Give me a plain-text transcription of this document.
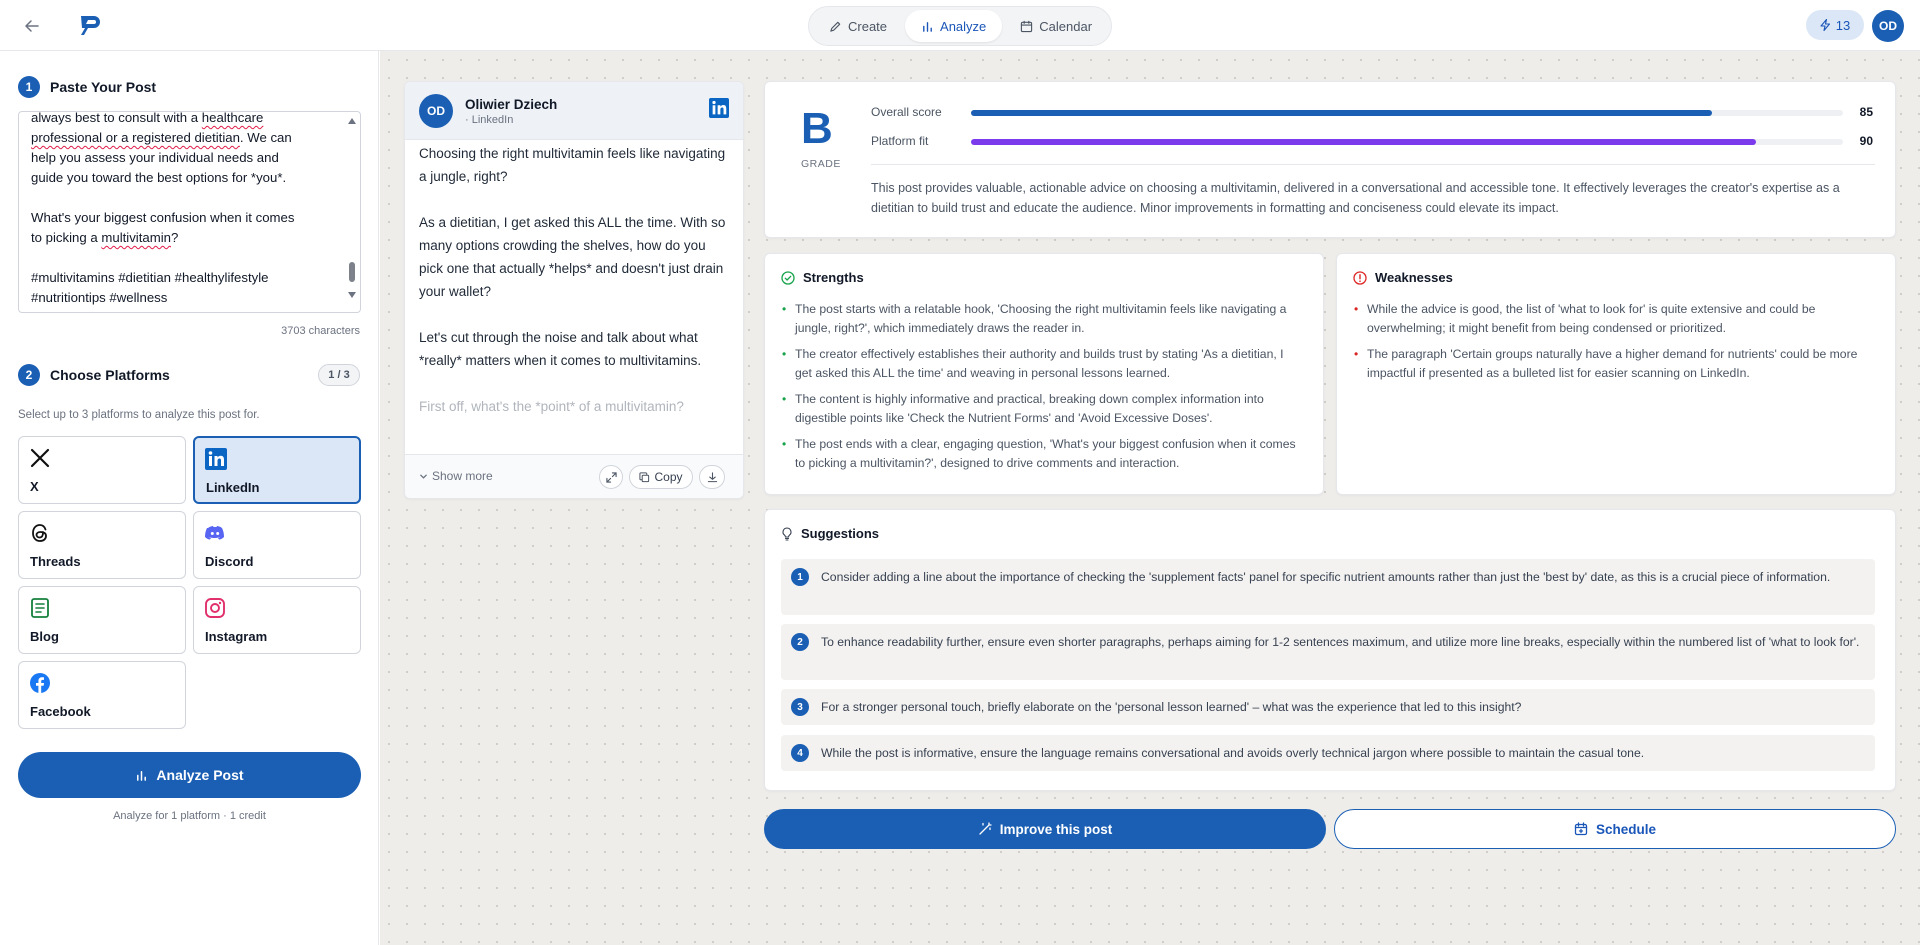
Create	Analyze	Calendar	13	OD
1	Paste Your Post
always best to consult with a healthcare
professional or a registered dietitian. We can
help you assess your individual needs and
guide you toward the best options for *you*.

What's your biggest confusion when it comes
to picking a multivitamin?

#multivitamins #dietitian #healthylifestyle
#nutritiontips #wellness
3703 characters
2	Choose Platforms	1 / 3
Select up to 3 platforms to analyze this post for.
X	LinkedIn
Threads	Discord
Blog	Instagram
Facebook
Analyze Post
Analyze for 1 platform · 1 credit
OD	Oliwier Dziech
· LinkedIn

Choosing the right multivitamin feels like navigating a jungle, right?

As a dietitian, I get asked this ALL the time. With so many options crowding the shelves, how do you pick one that actually *helps* and doesn't just drain your wallet?

Let's cut through the noise and talk about what *really* matters when it comes to multivitamins.

First off, what's the *point* of a multivitamin?

Show more	Copy
B
GRADE
Overall score	85
Platform fit	90
This post provides valuable, actionable advice on choosing a multivitamin, delivered in a conversational and accessible tone. It effectively leverages the creator's expertise as a dietitian to build trust and educate the audience. Minor improvements in formatting and conciseness could elevate its impact.
Strengths
• The post starts with a relatable hook, 'Choosing the right multivitamin feels like navigating a jungle, right?', which immediately draws the reader in.
• The creator effectively establishes their authority and builds trust by stating 'As a dietitian, I get asked this ALL the time' and weaving in personal lessons learned.
• The content is highly informative and practical, breaking down complex information into digestible points like 'Check the Nutrient Forms' and 'Avoid Excessive Doses'.
• The post ends with a clear, engaging question, 'What's your biggest confusion when it comes to picking a multivitamin?', designed to drive comments and interaction.
Weaknesses
• While the advice is good, the list of 'what to look for' is quite extensive and could be overwhelming; it might benefit from being condensed or prioritized.
• The paragraph 'Certain groups naturally have a higher demand for nutrients' could be more impactful if presented as a bulleted list for easier scanning on LinkedIn.
Suggestions
1	Consider adding a line about the importance of checking the 'supplement facts' panel for specific nutrient amounts rather than just the 'best by' date, as this is a crucial piece of information.
2	To enhance readability further, ensure even shorter paragraphs, perhaps aiming for 1-2 sentences maximum, and utilize more line breaks, especially within the numbered list of 'what to look for'.
3	For a stronger personal touch, briefly elaborate on the 'personal lesson learned' – what was the experience that led to this insight?
4	While the post is informative, ensure the language remains conversational and avoids overly technical jargon where possible to maintain the casual tone.
Improve this post	Schedule
